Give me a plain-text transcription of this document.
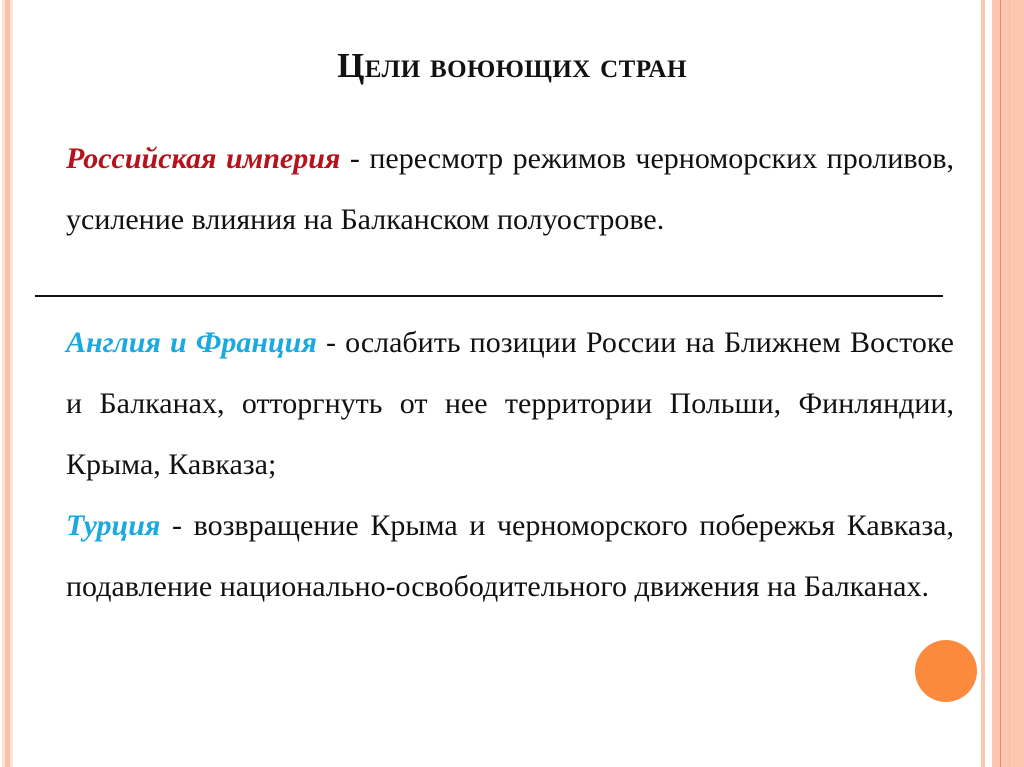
Цели воюющих стран
Российская империя - пересмотр режимов черноморских проливов, усиление влияния на Балканском полуострове.
Англия и Франция - ослабить позиции России на Ближнем Востоке и Балканах, отторгнуть от нее территории Польши, Финляндии, Крыма, Кавказа;
Турция - возвращение Крыма и черноморского побережья Кавказа, подавление национально-освободительного движения на Балканах.
